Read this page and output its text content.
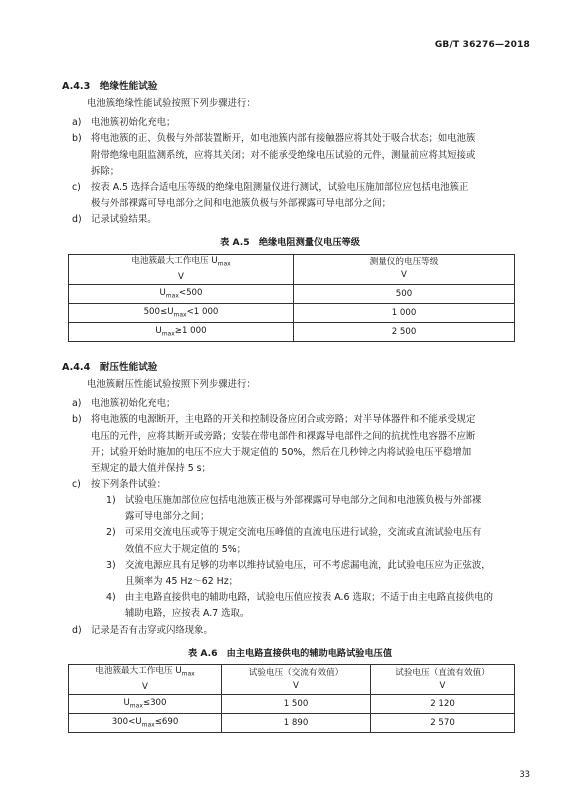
GB/T 36276—2018
A.4.3　绝缘性能试验
电池簇绝缘性能试验按照下列步骤进行：
a) 电池簇初始化充电；
b) 将电池簇的正、负极与外部装置断开，如电池簇内部有接触器应将其处于吸合状态；如电池簇
附带绝缘电阻监测系统，应将其关闭；对不能承受绝缘电压试验的元件，测量前应将其短接或
拆除；
c) 按表 A.5 选择合适电压等级的绝缘电阻测量仪进行测试，试验电压施加部位应包括电池簇正
极与外部裸露可导电部分之间和电池簇负极与外部裸露可导电部分之间；
d) 记录试验结果。
表 A.5　绝缘电阻测量仪电压等级
电池簇最大工作电压 $U_{max}$
V	测量仪的电压等级
V
$U_{max}<500$	500
$500\le U_{max}<1$ 000	1 000
$U_{max}\ge 1$ 000	2 500
A.4.4　耐压性能试验
电池簇耐压性能试验按照下列步骤进行：
a) 电池簇初始化充电；
b) 将电池簇的电源断开，主电路的开关和控制设备应闭合或旁路；对半导体器件和不能承受规定
电压的元件，应将其断开或旁路；安装在带电部件和裸露导电部件之间的抗扰性电容器不应断
开；试验开始时施加的电压不应大于规定值的 50%，然后在几秒钟之内将试验电压平稳增加
至规定的最大值并保持 5 s；
c) 按下列条件试验：
1) 试验电压施加部位应包括电池簇正极与外部裸露可导电部分之间和电池簇负极与外部裸
露可导电部分之间；
2) 可采用交流电压或等于规定交流电压峰值的直流电压进行试验，交流或直流试验电压有
效值不应大于规定值的 5%；
3) 交流电源应具有足够的功率以维持试验电压，可不考虑漏电流，此试验电压应为正弦波，
且频率为 45 Hz～62 Hz；
4) 由主电路直接供电的辅助电路，试验电压值应按表 A.6 选取；不适于由主电路直接供电的
辅助电路，应按表 A.7 选取。
d) 记录是否有击穿或闪络现象。
表 A.6　由主电路直接供电的辅助电路试验电压值
电池簇最大工作电压 $U_{max}$
V	试验电压（交流有效值）
V	试验电压（直流有效值）
V
$U_{max}\le 300$	1 500	2 120
$300<U_{max}\le 690$	1 890	2 570
33
